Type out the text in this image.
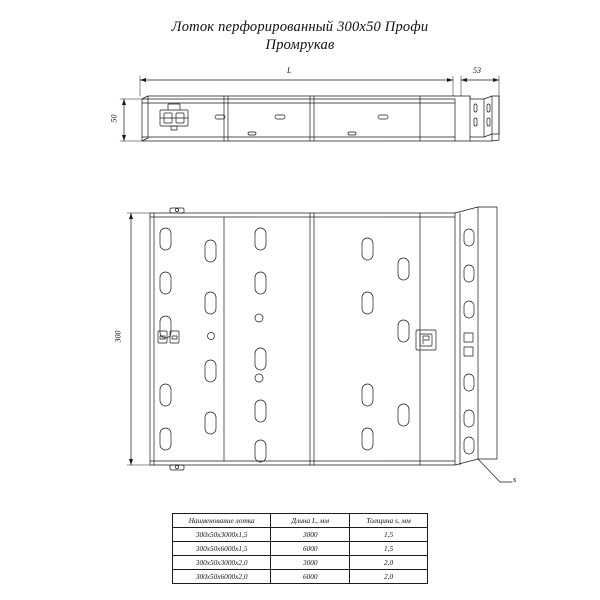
Лоток перфорированный 300х50 Профи
Промрукав
L	53
50
300
s
Наименование лотка	Длина L, мм	Толщина s, мм
300х50х3000х1,5	3000	1,5
300х50х6000х1,5	6000	1,5
300х50х3000х2,0	3000	2,0
300х50х6000х2,0	6000	2,0
